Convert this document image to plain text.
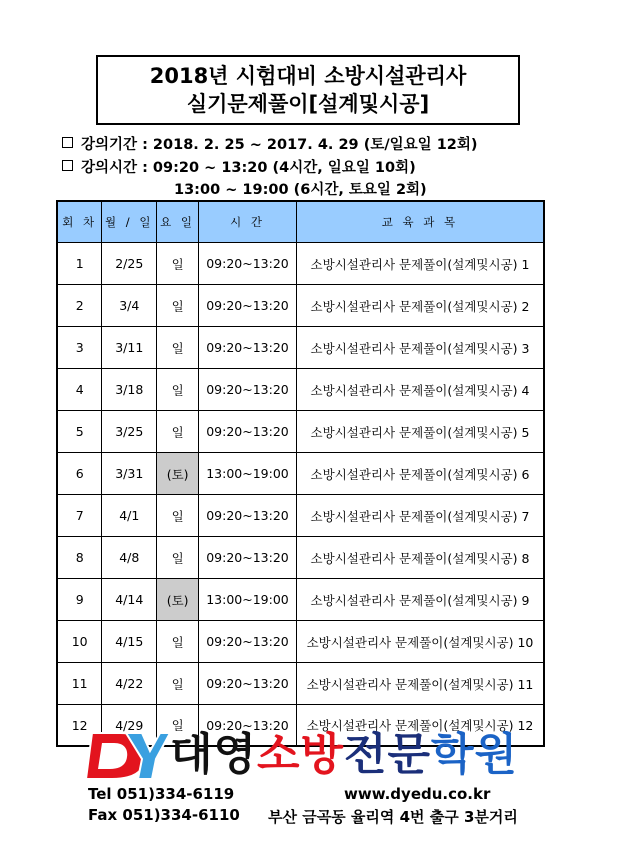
2018년 시험대비 소방시설관리사
실기문제풀이[설계및시공]
강의기간 : 2018. 2. 25 ~ 2017. 4. 29 (토/일요일 12회)
강의시간 : 09:20 ~ 13:20 (4시간, 일요일 10회)
13:00 ~ 19:00 (6시간, 토요일 2회)
회 차	월 / 일	요 일	시 간	교 육 과 목
1	2/25	일	09:20~13:20	소방시설관리사 문제풀이(설계및시공) 1
2	3/4	일	09:20~13:20	소방시설관리사 문제풀이(설계및시공) 2
3	3/11	일	09:20~13:20	소방시설관리사 문제풀이(설계및시공) 3
4	3/18	일	09:20~13:20	소방시설관리사 문제풀이(설계및시공) 4
5	3/25	일	09:20~13:20	소방시설관리사 문제풀이(설계및시공) 5
6	3/31	(토)	13:00~19:00	소방시설관리사 문제풀이(설계및시공) 6
7	4/1	일	09:20~13:20	소방시설관리사 문제풀이(설계및시공) 7
8	4/8	일	09:20~13:20	소방시설관리사 문제풀이(설계및시공) 8
9	4/14	(토)	13:00~19:00	소방시설관리사 문제풀이(설계및시공) 9
10	4/15	일	09:20~13:20	소방시설관리사 문제풀이(설계및시공) 10
11	4/22	일	09:20~13:20	소방시설관리사 문제풀이(설계및시공) 11
12	4/29	일	09:20~13:20	소방시설관리사 문제풀이(설계및시공) 12
대영소방전문학원
Tel 051)334-6119
Fax 051)334-6110
www.dyedu.co.kr
부산 금곡동 율리역 4번 출구 3분거리
